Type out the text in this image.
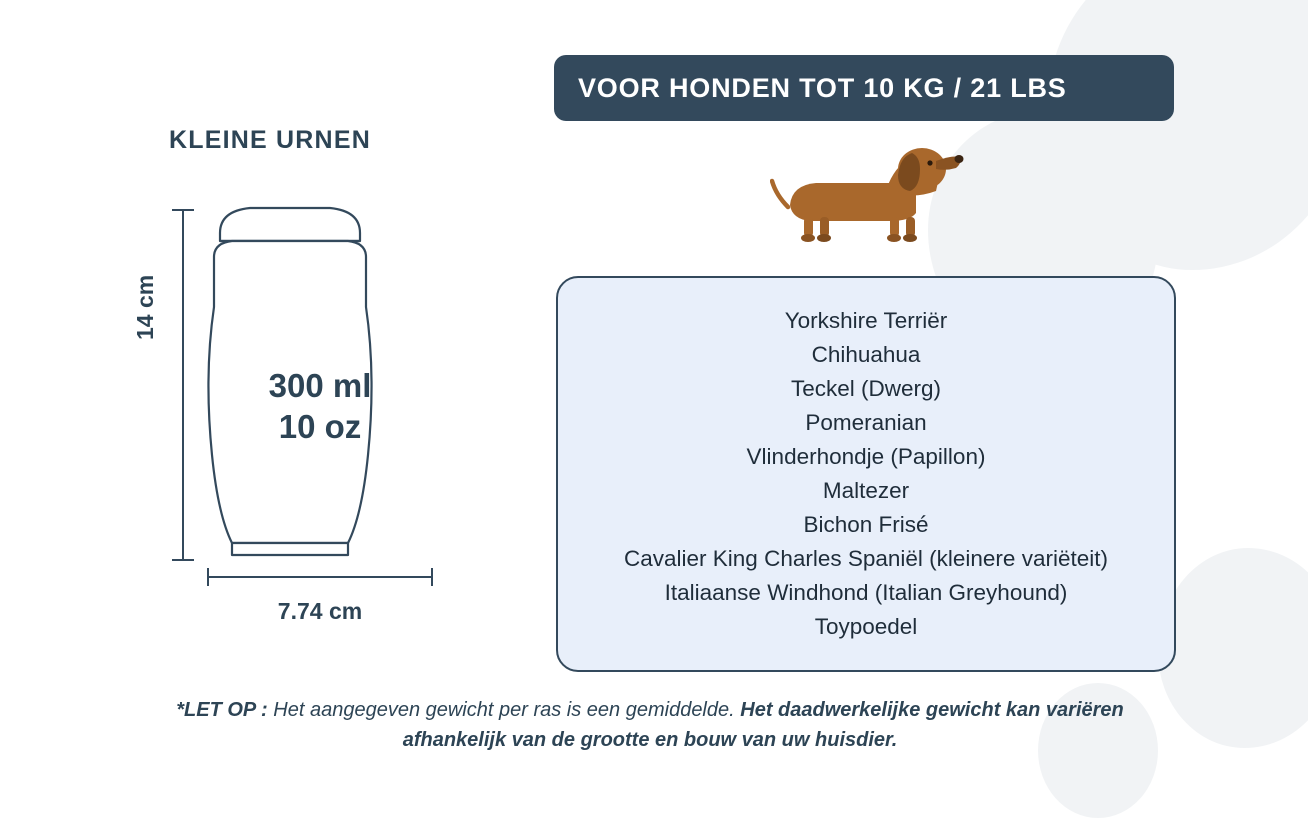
KLEINE URNEN
14 cm
7.74 cm
300 ml
10 oz
VOOR HONDEN TOT 10 KG / 21 LBS
Yorkshire Terriër
Chihuahua
Teckel (Dwerg)
Pomeranian
Vlinderhondje (Papillon)
Maltezer
Bichon Frisé
Cavalier King Charles Spaniël (kleinere variëteit)
Italiaanse Windhond (Italian Greyhound)
Toypoedel
*LET OP : Het aangegeven gewicht per ras is een gemiddelde. Het daadwerkelijke gewicht kan variëren afhankelijk van de grootte en bouw van uw huisdier.
